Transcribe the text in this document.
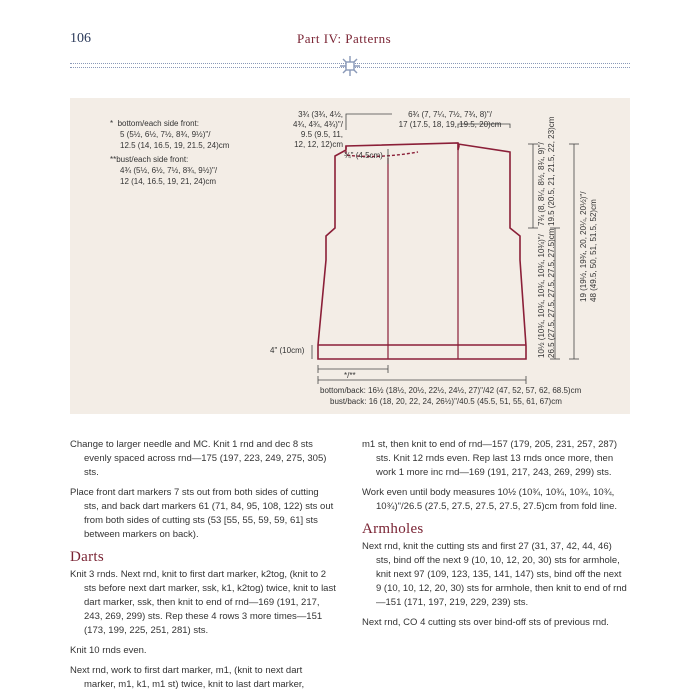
106	Part IV: Patterns
* bottom/each side front:
5 (5½, 6½, 7½, 8¾, 9½)"/
12.5 (14, 16.5, 19, 21.5, 24)cm
**bust/each side front:
4¾ (5½, 6½, 7½, 8¾, 9½)"/
12 (14, 16.5, 19, 21, 24)cm
3¾ (3¾, 4½,
4¾, 4¾, 4¾)"/
9.5 (9.5, 11,
12, 12, 12)cm
6¾ (7, 7¼, 7½, 7¾, 8)"/
17 (17.5, 18, 19, 19.5, 20)cm
¾" (4.5cm)
4" (10cm)
*/**
bottom/back: 16½ (18½, 20½, 22½, 24½, 27)"/42 (47, 52, 57, 62, 68.5)cm
bust/back: 16 (18, 20, 22, 24, 26½)"/40.5 (45.5, 51, 55, 61, 67)cm
7¾ (8, 8¼, 8½, 8¾, 9)"/ 19.5 (20.5, 21, 21.5, 22, 23)cm
10½ (10¾, 10¾, 10¾, 10¾, 10¾)"/ 26.5 (27.5, 27.5, 27.5, 27.5, 27.5)cm	19 (19½, 19¾, 20, 20¼, 20½)"/ 48 (49.5, 50, 51, 51.5, 52)cm

Change to larger needle and MC. Knit 1 rnd and dec 8 sts evenly spaced across rnd—175 (197, 223, 249, 275, 305) sts.

Place front dart markers 7 sts out from both sides of cutting sts, and back dart markers 61 (71, 84, 95, 108, 122) sts out from both sides of cutting sts (53 [55, 55, 59, 59, 61] sts between markers on back).

Darts

Knit 3 rnds. Next rnd, knit to first dart marker, k2tog, (knit to 2 sts before next dart marker, ssk, k1, k2tog) twice, knit to last dart marker, ssk, then knit to end of rnd—169 (191, 217, 243, 269, 299) sts. Rep these 4 rows 3 more times—151 (173, 199, 225, 251, 281) sts.

Knit 10 rnds even.

Next rnd, work to first dart marker, m1, (knit to next dart marker, m1, k1, m1 st) twice, knit to last dart marker,

m1 st, then knit to end of rnd—157 (179, 205, 231, 257, 287) sts. Knit 12 rnds even. Rep last 13 rnds once more, then work 1 more inc rnd—169 (191, 217, 243, 269, 299) sts.

Work even until body measures 10½ (10¾, 10¾, 10¾, 10¾, 10¾)"/26.5 (27.5, 27.5, 27.5, 27.5, 27.5)cm from fold line.

Armholes

Next rnd, knit the cutting sts and first 27 (31, 37, 42, 44, 46) sts, bind off the next 9 (10, 10, 12, 20, 30) sts for armhole, knit next 97 (109, 123, 135, 141, 147) sts, bind off the next 9 (10, 10, 12, 20, 30) sts for armhole, then knit to end of rnd—151 (171, 197, 219, 229, 239) sts.

Next rnd, CO 4 cutting sts over bind-off sts of previous rnd.
